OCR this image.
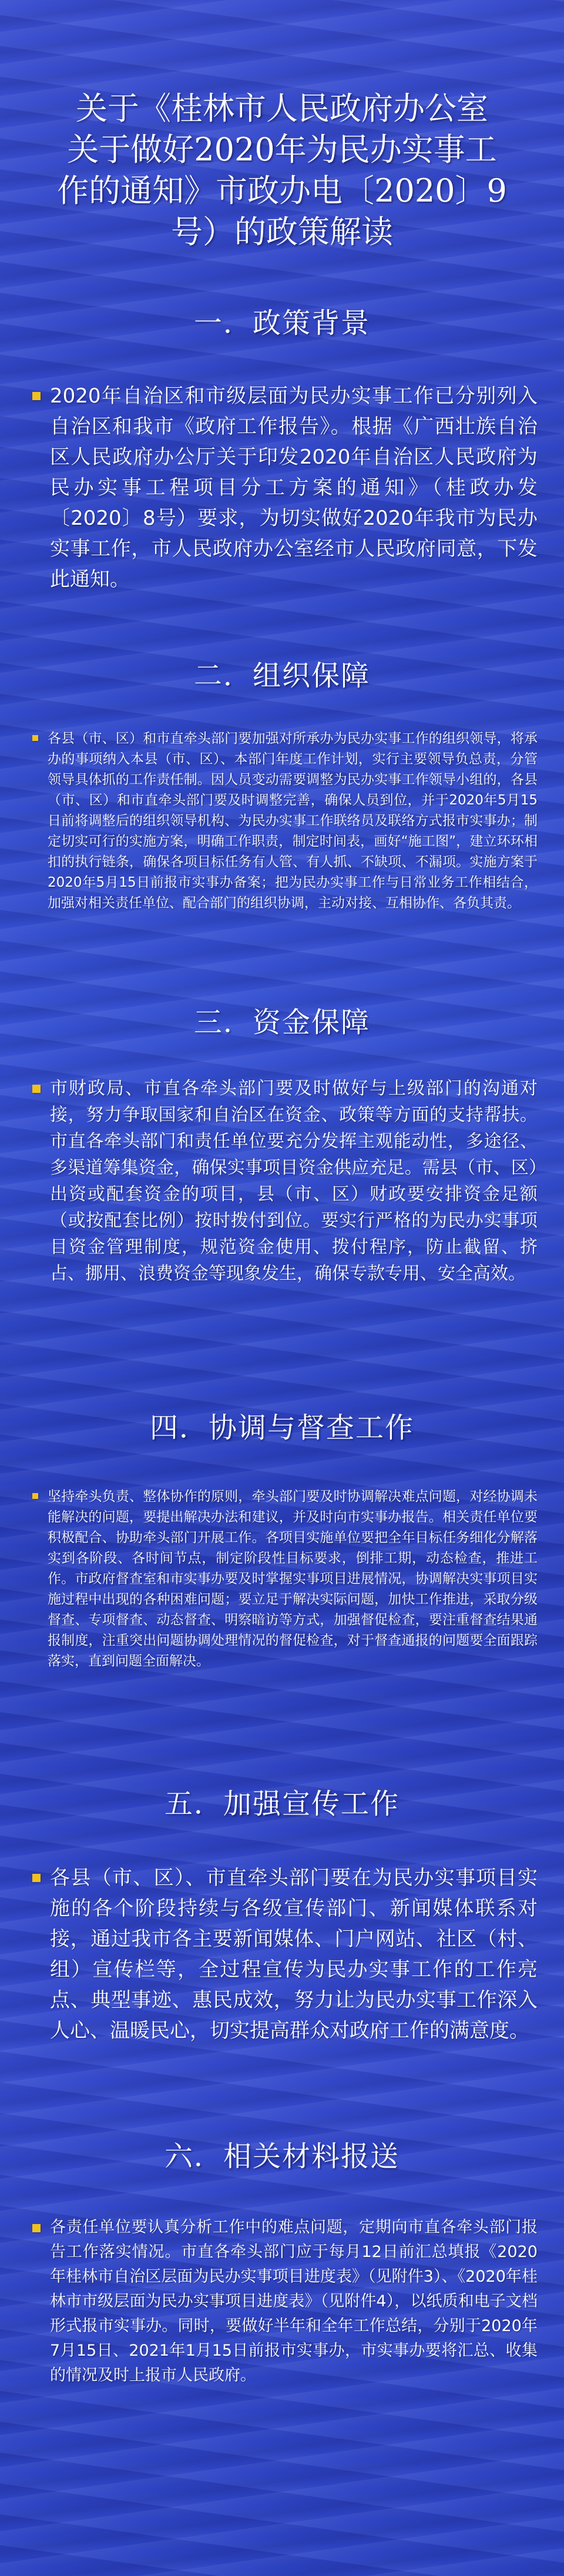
关于《桂林市人民政府办公室
关于做好2020年为民办实事工
作的通知》市政办电〔2020〕9
号）的政策解读
一．政策背景
2020年自治区和市级层面为民办实事工作已分别列入自治区和我市《政府工作报告》。根据《广西壮族自治区人民政府办公厅关于印发2020年自治区人民政府为民办实事工程项目分工方案的通知》（桂政办发〔2020〕8号）要求，为切实做好2020年我市为民办实事工作，市人民政府办公室经市人民政府同意，下发此通知。
二．组织保障
各县（市、区）和市直牵头部门要加强对所承办为民办实事工作的组织领导，将承办的事项纳入本县（市、区）、本部门年度工作计划，实行主要领导负总责，分管领导具体抓的工作责任制。因人员变动需要调整为民办实事工作领导小组的，各县（市、区）和市直牵头部门要及时调整完善，确保人员到位，并于2020年5月15日前将调整后的组织领导机构、为民办实事工作联络员及联络方式报市实事办；制定切实可行的实施方案，明确工作职责，制定时间表，画好“施工图”，建立环环相扣的执行链条，确保各项目标任务有人管、有人抓、不缺项、不漏项。实施方案于2020年5月15日前报市实事办备案；把为民办实事工作与日常业务工作相结合，加强对相关责任单位、配合部门的组织协调，主动对接、互相协作、各负其责。
三．资金保障
市财政局、市直各牵头部门要及时做好与上级部门的沟通对接，努力争取国家和自治区在资金、政策等方面的支持帮扶。市直各牵头部门和责任单位要充分发挥主观能动性，多途径、多渠道筹集资金，确保实事项目资金供应充足。需县（市、区）出资或配套资金的项目，县（市、区）财政要安排资金足额（或按配套比例）按时拨付到位。要实行严格的为民办实事项目资金管理制度，规范资金使用、拨付程序，防止截留、挤占、挪用、浪费资金等现象发生，确保专款专用、安全高效。
四．协调与督查工作
坚持牵头负责、整体协作的原则，牵头部门要及时协调解决难点问题，对经协调未能解决的问题，要提出解决办法和建议，并及时向市实事办报告。相关责任单位要积极配合、协助牵头部门开展工作。各项目实施单位要把全年目标任务细化分解落实到各阶段、各时间节点，制定阶段性目标要求，倒排工期，动态检查，推进工作。市政府督查室和市实事办要及时掌握实事项目进展情况，协调解决实事项目实施过程中出现的各种困难问题；要立足于解决实际问题，加快工作推进，采取分级督查、专项督查、动态督查、明察暗访等方式，加强督促检查，要注重督查结果通报制度，注重突出问题协调处理情况的督促检查，对于督查通报的问题要全面跟踪落实，直到问题全面解决。
五．加强宣传工作
各县（市、区）、市直牵头部门要在为民办实事项目实施的各个阶段持续与各级宣传部门、新闻媒体联系对接，通过我市各主要新闻媒体、门户网站、社区（村、组）宣传栏等，全过程宣传为民办实事工作的工作亮点、典型事迹、惠民成效，努力让为民办实事工作深入人心、温暖民心，切实提高群众对政府工作的满意度。
六．相关材料报送
各责任单位要认真分析工作中的难点问题，定期向市直各牵头部门报告工作落实情况。市直各牵头部门应于每月12日前汇总填报《2020年桂林市自治区层面为民办实事项目进度表》（见附件3）、《2020年桂林市市级层面为民办实事项目进度表》（见附件4），以纸质和电子文档形式报市实事办。同时，要做好半年和全年工作总结，分别于2020年7月15日、2021年1月15日前报市实事办，市实事办要将汇总、收集的情况及时上报市人民政府。
